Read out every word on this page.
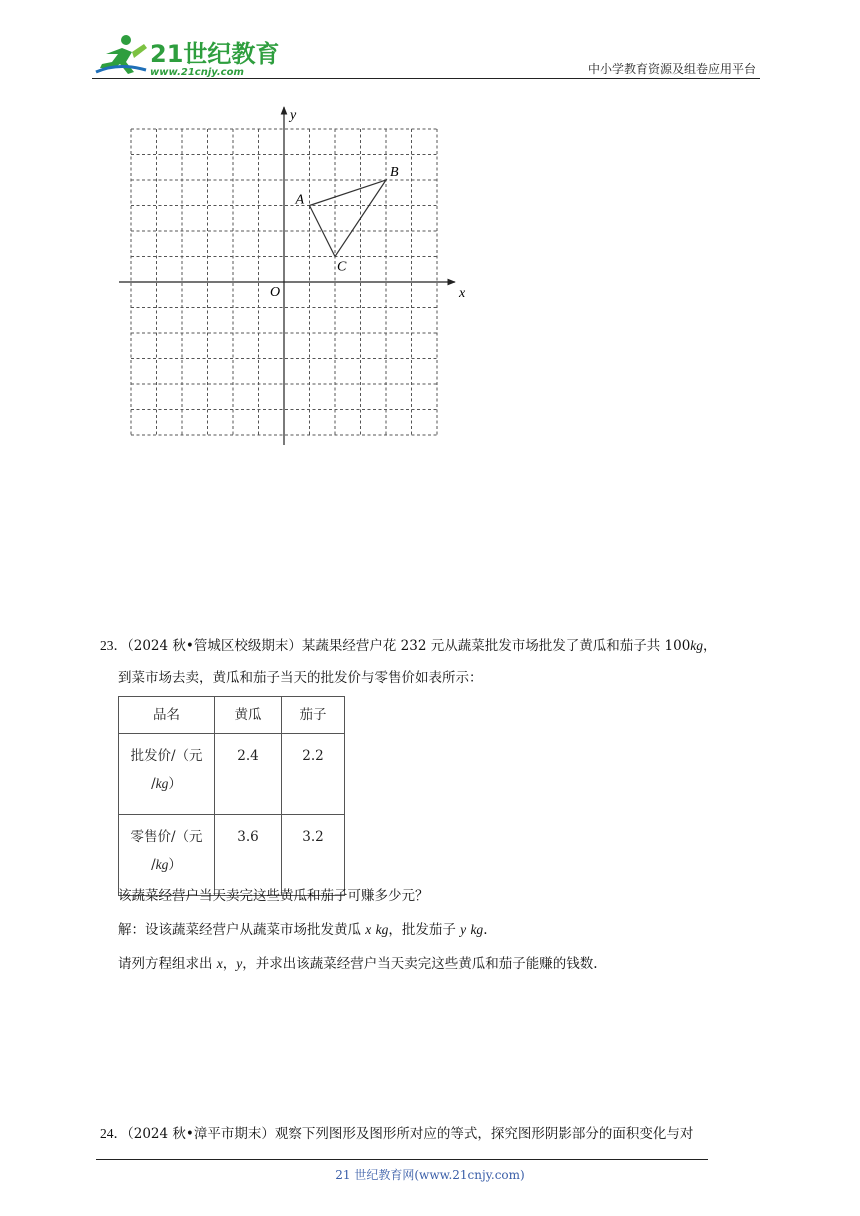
21世纪教育
www.21cnjy.com	中小学教育资源及组卷应用平台
x
y
O
A
B
C
23．（2024 秋•管城区校级期末）某蔬果经营户花 232 元从蔬菜批发市场批发了黄瓜和茄子共 100kg，
到菜市场去卖，黄瓜和茄子当天的批发价与零售价如表所示：
品名	黄瓜	茄子

批发价/（元
/kg）	2.4	2.2

零售价/（元
/kg）	3.6	3.2
该蔬菜经营户当天卖完这些黄瓜和茄子可赚多少元？
解：设该蔬菜经营户从蔬菜市场批发黄瓜 x kg，批发茄子 y kg.
请列方程组求出 x，y，并求出该蔬菜经营户当天卖完这些黄瓜和茄子能赚的钱数.
24．（2024 秋•漳平市期末）观察下列图形及图形所对应的等式，探究图形阴影部分的面积变化与对
21 世纪教育网(www.21cnjy.com)
